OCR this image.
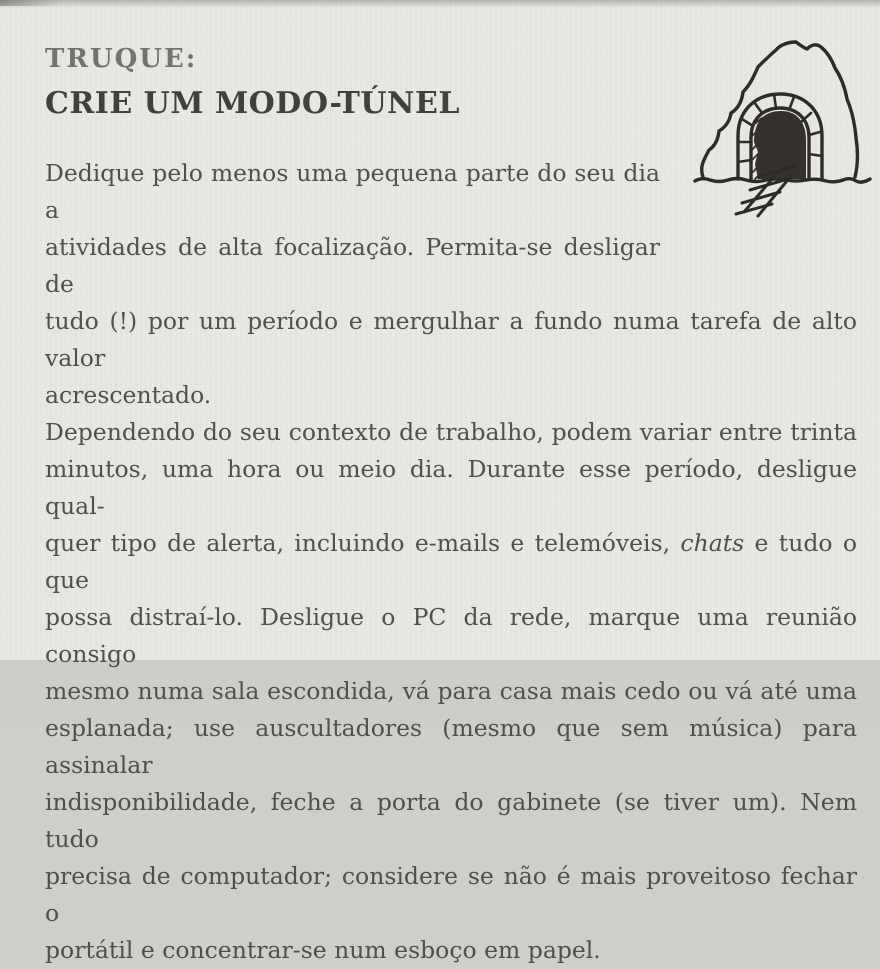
TRUQUE:
CRIE UM MODO-TÚNEL

Dedique pelo menos uma pequena parte do seu dia a

atividades de alta focalização. Permita-se desligar de

tudo (!) por um período e mergulhar a fundo numa tarefa de alto valor

acrescentado.

Dependendo do seu contexto de trabalho, podem variar entre trinta

minutos, uma hora ou meio dia. Durante esse período, desligue qual-

quer tipo de alerta, incluindo e-mails e telemóveis, chats e tudo o que

possa distraí-lo. Desligue o PC da rede, marque uma reunião consigo

mesmo numa sala escondida, vá para casa mais cedo ou vá até uma

esplanada; use auscultadores (mesmo que sem música) para assinalar

indisponibilidade, feche a porta do gabinete (se tiver um). Nem tudo

precisa de computador; considere se não é mais proveitoso fechar o

portátil e concentrar-se num esboço em papel.
